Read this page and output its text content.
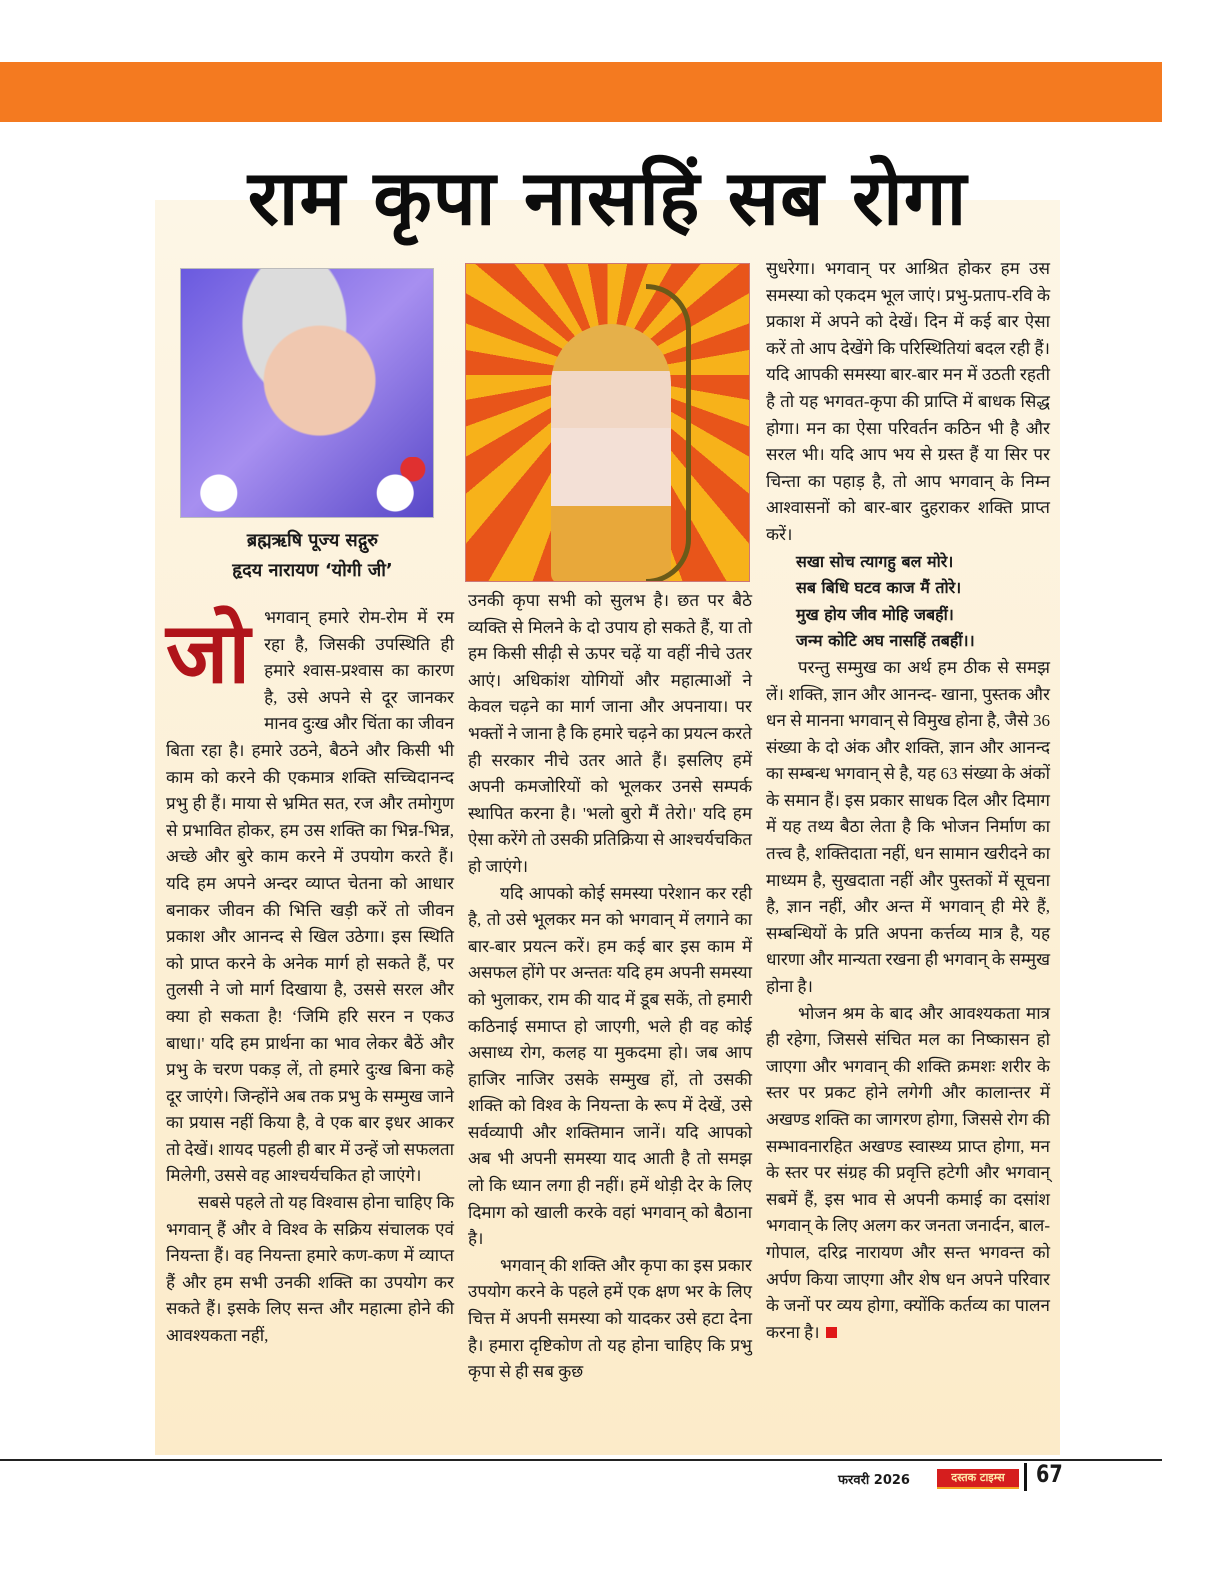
राम कृपा नासहिं सब रोगा
ब्रह्मऋषि पूज्य सद्गुरु
हृदय नारायण ‘योगी जी’

जोभगवान् हमारे रोम-रोम में रम रहा है, जिसकी उपस्थिति ही हमारे श्वास-प्रश्वास का कारण है, उसे अपने से दूर जानकर मानव दुःख और चिंता का जीवन बिता रहा है। हमारे उठने, बैठने और किसी भी काम को करने की एकमात्र शक्ति सच्चिदानन्द प्रभु ही हैं। माया से भ्रमित सत, रज और तमोगुण से प्रभावित होकर, हम उस शक्ति का भिन्न-भिन्न, अच्छे और बुरे काम करने में उपयोग करते हैं। यदि हम अपने अन्दर व्याप्त चेतना को आधार बनाकर जीवन की भित्ति खड़ी करें तो जीवन प्रकाश और आनन्द से खिल उठेगा। इस स्थिति को प्राप्त करने के अनेक मार्ग हो सकते हैं, पर तुलसी ने जो मार्ग दिखाया है, उससे सरल और क्या हो सकता है! ‘जिमि हरि सरन न एकउ बाधा।' यदि हम प्रार्थना का भाव लेकर बैठें और प्रभु के चरण पकड़ लें, तो हमारे दुःख बिना कहे दूर जाएंगे। जिन्होंने अब तक प्रभु के सम्मुख जाने का प्रयास नहीं किया है, वे एक बार इधर आकर तो देखें। शायद पहली ही बार में उन्हें जो सफलता मिलेगी, उससे वह आश्चर्यचकित हो जाएंगे।

सबसे पहले तो यह विश्वास होना चाहिए कि भगवान् हैं और वे विश्व के सक्रिय संचालक एवं नियन्ता हैं। वह नियन्ता हमारे कण-कण में व्याप्त हैं और हम सभी उनकी शक्ति का उपयोग कर सकते हैं। इसके लिए सन्त और महात्मा होने की आवश्यकता नहीं,

उनकी कृपा सभी को सुलभ है। छत पर बैठे व्यक्ति से मिलने के दो उपाय हो सकते हैं, या तो हम किसी सीढ़ी से ऊपर चढ़ें या वहीं नीचे उतर आएं। अधिकांश योगियों और महात्माओं ने केवल चढ़ने का मार्ग जाना और अपनाया। पर भक्तों ने जाना है कि हमारे चढ़ने का प्रयत्न करते ही सरकार नीचे उतर आते हैं। इसलिए हमें अपनी कमजोरियों को भूलकर उनसे सम्पर्क स्थापित करना है। 'भलो बुरो मैं तेरो।' यदि हम ऐसा करेंगे तो उसकी प्रतिक्रिया से आश्चर्यचकित हो जाएंगे।

यदि आपको कोई समस्या परेशान कर रही है, तो उसे भूलकर मन को भगवान् में लगाने का बार-बार प्रयत्न करें। हम कई बार इस काम में असफल होंगे पर अन्ततः यदि हम अपनी समस्या को भुलाकर, राम की याद में डूब सकें, तो हमारी कठिनाई समाप्त हो जाएगी, भले ही वह कोई असाध्य रोग, कलह या मुकदमा हो। जब आप हाजिर नाजिर उसके सम्मुख हों, तो उसकी शक्ति को विश्व के नियन्ता के रूप में देखें, उसे सर्वव्यापी और शक्तिमान जानें। यदि आपको अब भी अपनी समस्या याद आती है तो समझ लो कि ध्यान लगा ही नहीं। हमें थोड़ी देर के लिए दिमाग को खाली करके वहां भगवान् को बैठाना है।

भगवान् की शक्ति और कृपा का इस प्रकार उपयोग करने के पहले हमें एक क्षण भर के लिए चित्त में अपनी समस्या को यादकर उसे हटा देना है। हमारा दृष्टिकोण तो यह होना चाहिए कि प्रभु कृपा से ही सब कुछ

सुधरेगा। भगवान् पर आश्रित होकर हम उस समस्या को एकदम भूल जाएं। प्रभु-प्रताप-रवि के प्रकाश में अपने को देखें। दिन में कई बार ऐसा करें तो आप देखेंगे कि परिस्थितियां बदल रही हैं। यदि आपकी समस्या बार-बार मन में उठती रहती है तो यह भगवत-कृपा की प्राप्ति में बाधक सिद्ध होगा। मन का ऐसा परिवर्तन कठिन भी है और सरल भी। यदि आप भय से ग्रस्त हैं या सिर पर चिन्ता का पहाड़ है, तो आप भगवान् के निम्न आश्वासनों को बार-बार दुहराकर शक्ति प्राप्त करें।

सखा सोच त्यागहु बल मोरे।
सब बिधि घटव काज मैं तोरे।
मुख होय जीव मोहि जबहीं।
जन्म कोटि अघ नासहिं तबहीं।।

परन्तु सम्मुख का अर्थ हम ठीक से समझ लें। शक्ति, ज्ञान और आनन्द- खाना, पुस्तक और धन से मानना भगवान् से विमुख होना है, जैसे 36 संख्या के दो अंक और शक्ति, ज्ञान और आनन्द का सम्बन्ध भगवान् से है, यह 63 संख्या के अंकों के समान हैं। इस प्रकार साधक दिल और दिमाग में यह तथ्य बैठा लेता है कि भोजन निर्माण का तत्त्व है, शक्तिदाता नहीं, धन सामान खरीदने का माध्यम है, सुखदाता नहीं और पुस्तकों में सूचना है, ज्ञान नहीं, और अन्त में भगवान् ही मेरे हैं, सम्बन्धियों के प्रति अपना कर्त्तव्य मात्र है, यह धारणा और मान्यता रखना ही भगवान् के सम्मुख होना है।

भोजन श्रम के बाद और आवश्यकता मात्र ही रहेगा, जिससे संचित मल का निष्कासन हो जाएगा और भगवान् की शक्ति क्रमशः शरीर के स्तर पर प्रकट होने लगेगी और कालान्तर में अखण्ड शक्ति का जागरण होगा, जिससे रोग की सम्भावनारहित अखण्ड स्वास्थ्य प्राप्त होगा, मन के स्तर पर संग्रह की प्रवृत्ति हटेगी और भगवान् सबमें हैं, इस भाव से अपनी कमाई का दसांश भगवान् के लिए अलग कर जनता जनार्दन, बाल-गोपाल, दरिद्र नारायण और सन्त भगवन्त को अर्पण किया जाएगा और शेष धन अपने परिवार के जनों पर व्यय होगा, क्योंकि कर्तव्य का पालन करना है।

फरवरी 2026	दस्तक टाइम्स	67
